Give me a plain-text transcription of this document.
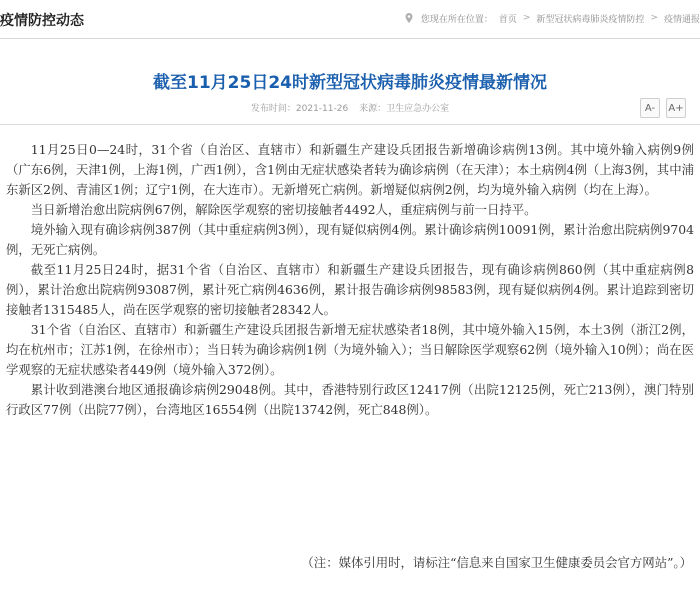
疫情防控动态	您现在所在位置： 首页 > 新型冠状病毒肺炎疫情防控 > 疫情通报
截至11月25日24时新型冠状病毒肺炎疫情最新情况
发布时间：2021-11-26 来源：卫生应急办公室	A-	A+

11月25日0—24时，31个省（自治区、直辖市）和新疆生产建设兵团报告新增确诊病例13例。其中境外输入病例9例（广东6例，天津1例，上海1例，广西1例），含1例由无症状感染者转为确诊病例（在天津）；本土病例4例（上海3例，其中浦东新区2例、青浦区1例；辽宁1例，在大连市）。无新增死亡病例。新增疑似病例2例，均为境外输入病例（均在上海）。

当日新增治愈出院病例67例，解除医学观察的密切接触者4492人，重症病例与前一日持平。

境外输入现有确诊病例387例（其中重症病例3例），现有疑似病例4例。累计确诊病例10091例，累计治愈出院病例9704例，无死亡病例。

截至11月25日24时，据31个省（自治区、直辖市）和新疆生产建设兵团报告，现有确诊病例860例（其中重症病例8例），累计治愈出院病例93087例，累计死亡病例4636例，累计报告确诊病例98583例，现有疑似病例4例。累计追踪到密切接触者1315485人，尚在医学观察的密切接触者28342人。

31个省（自治区、直辖市）和新疆生产建设兵团报告新增无症状感染者18例，其中境外输入15例，本土3例（浙江2例，均在杭州市；江苏1例，在徐州市）；当日转为确诊病例1例（为境外输入）；当日解除医学观察62例（境外输入10例）；尚在医学观察的无症状感染者449例（境外输入372例）。

累计收到港澳台地区通报确诊病例29048例。其中，香港特别行政区12417例（出院12125例，死亡213例），澳门特别行政区77例（出院77例），台湾地区16554例（出院13742例，死亡848例）。

（注：媒体引用时，请标注“信息来自国家卫生健康委员会官方网站”。）
